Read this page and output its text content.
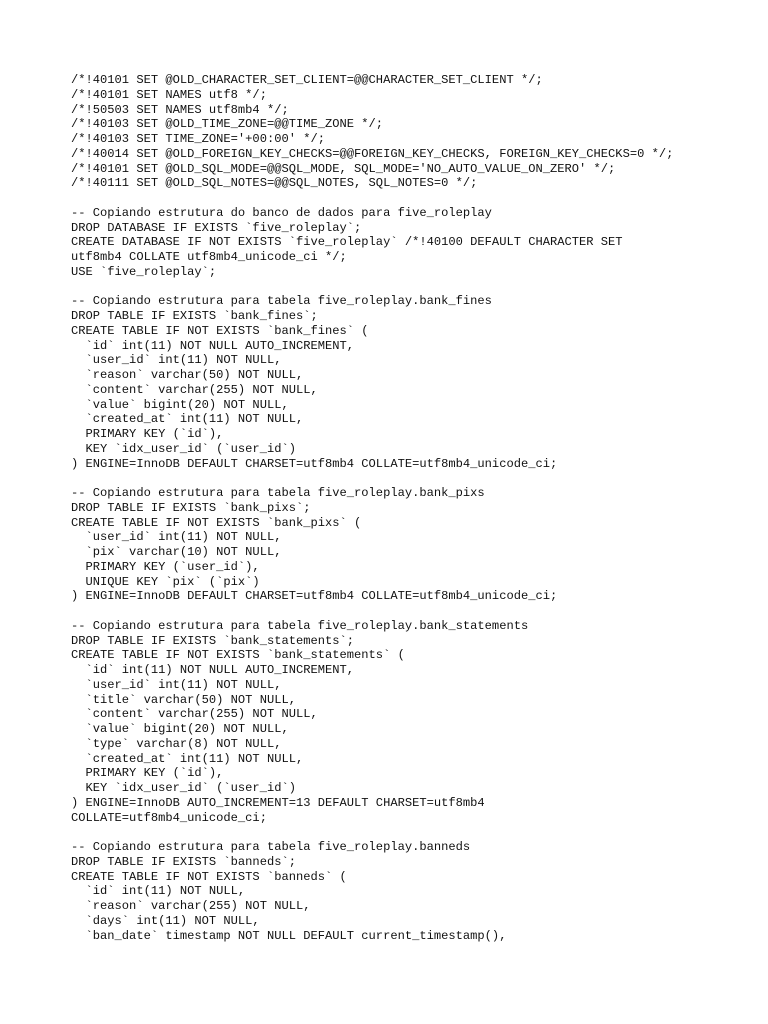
/*!40101 SET @OLD_CHARACTER_SET_CLIENT=@@CHARACTER_SET_CLIENT */;
/*!40101 SET NAMES utf8 */;
/*!50503 SET NAMES utf8mb4 */;
/*!40103 SET @OLD_TIME_ZONE=@@TIME_ZONE */;
/*!40103 SET TIME_ZONE='+00:00' */;
/*!40014 SET @OLD_FOREIGN_KEY_CHECKS=@@FOREIGN_KEY_CHECKS, FOREIGN_KEY_CHECKS=0 */;
/*!40101 SET @OLD_SQL_MODE=@@SQL_MODE, SQL_MODE='NO_AUTO_VALUE_ON_ZERO' */;
/*!40111 SET @OLD_SQL_NOTES=@@SQL_NOTES, SQL_NOTES=0 */;
-- Copiando estrutura do banco de dados para five_roleplay
DROP DATABASE IF EXISTS `five_roleplay`;
CREATE DATABASE IF NOT EXISTS `five_roleplay` /*!40100 DEFAULT CHARACTER SET
utf8mb4 COLLATE utf8mb4_unicode_ci */;
USE `five_roleplay`;
-- Copiando estrutura para tabela five_roleplay.bank_fines
DROP TABLE IF EXISTS `bank_fines`;
CREATE TABLE IF NOT EXISTS `bank_fines` (
`id` int(11) NOT NULL AUTO_INCREMENT,
`user_id` int(11) NOT NULL,
`reason` varchar(50) NOT NULL,
`content` varchar(255) NOT NULL,
`value` bigint(20) NOT NULL,
`created_at` int(11) NOT NULL,
PRIMARY KEY (`id`),
KEY `idx_user_id` (`user_id`)
) ENGINE=InnoDB DEFAULT CHARSET=utf8mb4 COLLATE=utf8mb4_unicode_ci;
-- Copiando estrutura para tabela five_roleplay.bank_pixs
DROP TABLE IF EXISTS `bank_pixs`;
CREATE TABLE IF NOT EXISTS `bank_pixs` (
`user_id` int(11) NOT NULL,
`pix` varchar(10) NOT NULL,
PRIMARY KEY (`user_id`),
UNIQUE KEY `pix` (`pix`)
) ENGINE=InnoDB DEFAULT CHARSET=utf8mb4 COLLATE=utf8mb4_unicode_ci;
-- Copiando estrutura para tabela five_roleplay.bank_statements
DROP TABLE IF EXISTS `bank_statements`;
CREATE TABLE IF NOT EXISTS `bank_statements` (
`id` int(11) NOT NULL AUTO_INCREMENT,
`user_id` int(11) NOT NULL,
`title` varchar(50) NOT NULL,
`content` varchar(255) NOT NULL,
`value` bigint(20) NOT NULL,
`type` varchar(8) NOT NULL,
`created_at` int(11) NOT NULL,
PRIMARY KEY (`id`),
KEY `idx_user_id` (`user_id`)
) ENGINE=InnoDB AUTO_INCREMENT=13 DEFAULT CHARSET=utf8mb4
COLLATE=utf8mb4_unicode_ci;
-- Copiando estrutura para tabela five_roleplay.banneds
DROP TABLE IF EXISTS `banneds`;
CREATE TABLE IF NOT EXISTS `banneds` (
`id` int(11) NOT NULL,
`reason` varchar(255) NOT NULL,
`days` int(11) NOT NULL,
`ban_date` timestamp NOT NULL DEFAULT current_timestamp(),
